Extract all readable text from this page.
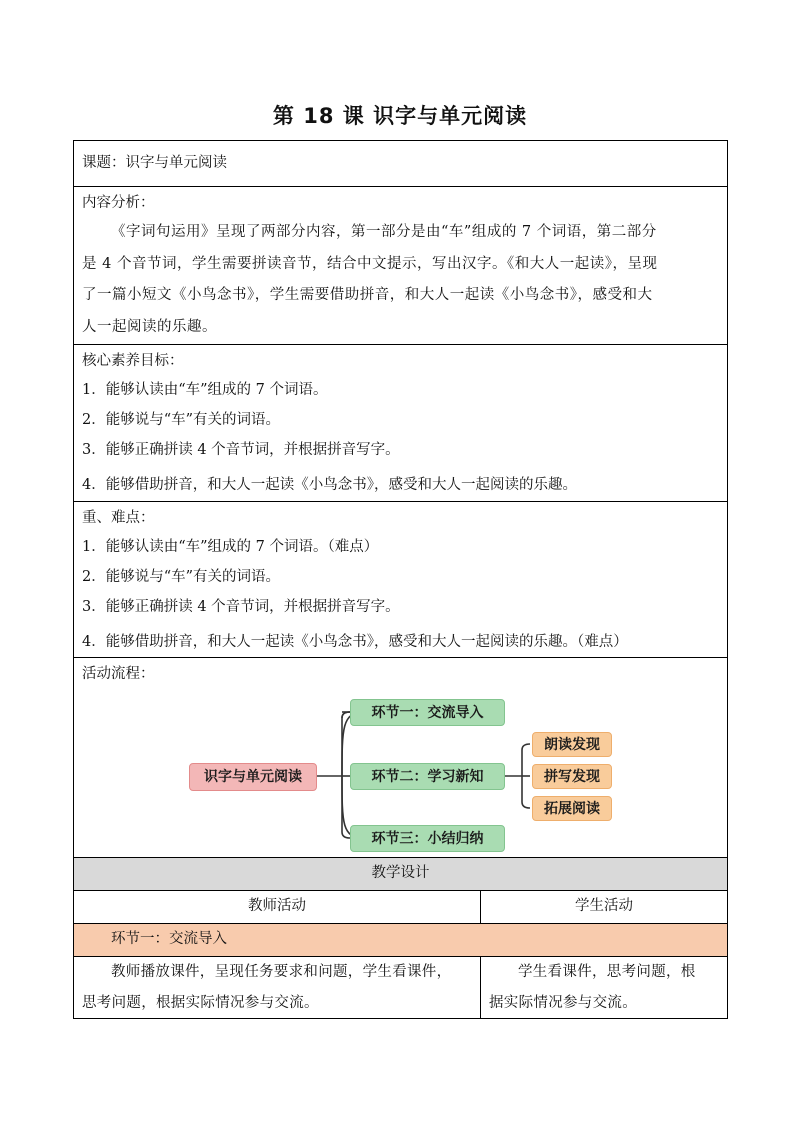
第 18 课 识字与单元阅读
课题：识字与单元阅读
内容分析：
《字词句运用》呈现了两部分内容，第一部分是由“车”组成的 7 个词语，第二部分
是 4 个音节词，学生需要拼读音节，结合中文提示，写出汉字。《和大人一起读》，呈现
了一篇小短文《小鸟念书》，学生需要借助拼音，和大人一起读《小鸟念书》，感受和大
人一起阅读的乐趣。
核心素养目标：
1．能够认读由“车”组成的 7 个词语。
2．能够说与“车”有关的词语。
3．能够正确拼读 4 个音节词，并根据拼音写字。
4．能够借助拼音，和大人一起读《小鸟念书》，感受和大人一起阅读的乐趣。
重、难点：
1．能够认读由“车”组成的 7 个词语。（难点）
2．能够说与“车”有关的词语。
3．能够正确拼读 4 个音节词，并根据拼音写字。
4．能够借助拼音，和大人一起读《小鸟念书》，感受和大人一起阅读的乐趣。（难点）
活动流程：
识字与单元阅读
环节一：交流导入
环节二：学习新知
环节三：小结归纳
朗读发现
拼写发现
拓展阅读
教学设计
教师活动	学生活动
环节一：交流导入
教师播放课件，呈现任务要求和问题，学生看课件，
思考问题，根据实际情况参与交流。
学生看课件，思考问题，根
据实际情况参与交流。
